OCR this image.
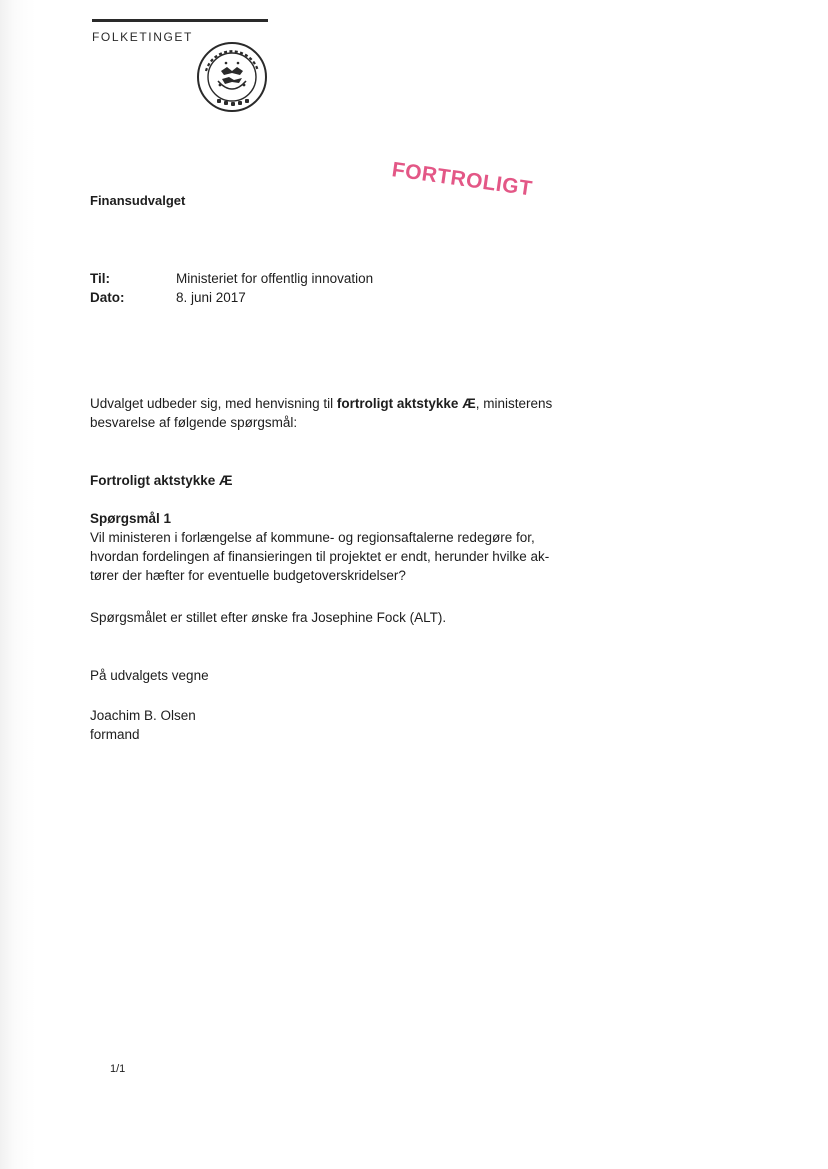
FOLKETINGET
FORTROLIGT
Finansudvalget
Til:	Ministeriet for offentlig innovation
Dato:	8. juni 2017
Udvalget udbeder sig, med henvisning til fortroligt aktstykke Æ, ministerens
besvarelse af følgende spørgsmål:
Fortroligt aktstykke Æ
Spørgsmål 1
Vil ministeren i forlængelse af kommune- og regionsaftalerne redegøre for,
hvordan fordelingen af finansieringen til projektet er endt, herunder hvilke ak-
tører der hæfter for eventuelle budgetoverskridelser?
Spørgsmålet er stillet efter ønske fra Josephine Fock (ALT).
På udvalgets vegne
Joachim B. Olsen
formand
1/1
